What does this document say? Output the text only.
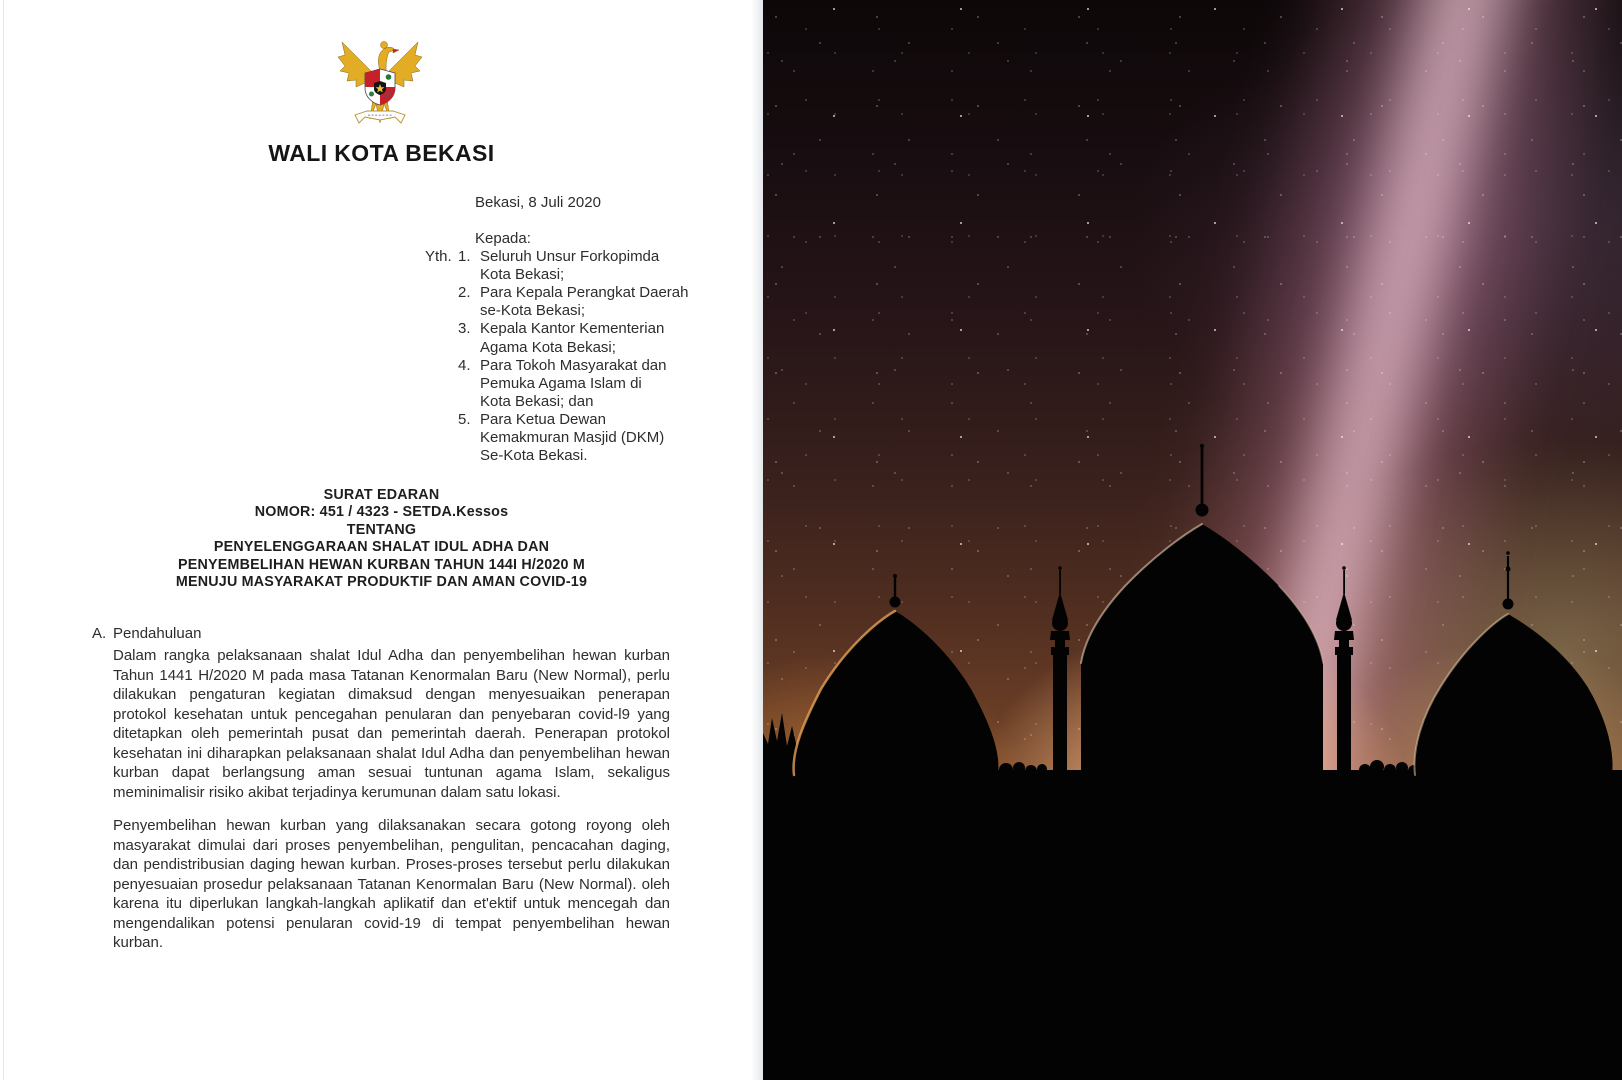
WALI KOTA BEKASI
Bekasi, 8 Juli 2020
Kepada:
Yth. 1. Seluruh Unsur Forkopimda
Kota Bekasi;
2. Para Kepala Perangkat Daerah
se-Kota Bekasi;
3. Kepala Kantor Kementerian
Agama Kota Bekasi;
4. Para Tokoh Masyarakat dan
Pemuka Agama Islam di
Kota Bekasi; dan
5. Para Ketua Dewan
Kemakmuran Masjid (DKM)
Se-Kota Bekasi.
SURAT EDARAN
NOMOR: 451 / 4323 - SETDA.Kessos
TENTANG
PENYELENGGARAAN SHALAT IDUL ADHA DAN
PENYEMBELIHAN HEWAN KURBAN TAHUN 144I H/2020 M
MENUJU MASYARAKAT PRODUKTIF DAN AMAN COVID-19
A. Pendahuluan

Dalam rangka pelaksanaan shalat Idul Adha dan penyembelihan hewan kurban Tahun 1441 H/2020 M pada masa Tatanan Kenormalan Baru (New Normal), perlu dilakukan pengaturan kegiatan dimaksud dengan menyesuaikan penerapan protokol kesehatan untuk pencegahan penularan dan penyebaran covid-l9 yang ditetapkan oleh pemerintah pusat dan pemerintah daerah. Penerapan protokol kesehatan ini diharapkan pelaksanaan shalat Idul Adha dan penyembelihan hewan kurban dapat berlangsung aman sesuai tuntunan agama Islam, sekaligus meminimalisir risiko akibat terjadinya kerumunan dalam satu lokasi.

Penyembelihan hewan kurban yang dilaksanakan secara gotong royong oleh masyarakat dimulai dari proses penyembelihan, pengulitan, pencacahan daging, dan pendistribusian daging hewan kurban. Proses-proses tersebut perlu dilakukan penyesuaian prosedur pelaksanaan Tatanan Kenormalan Baru (New Normal). oleh karena itu diperlukan langkah-langkah aplikatif dan et'ektif untuk mencegah dan mengendalikan potensi penularan covid-19 di tempat penyembelihan hewan kurban.
